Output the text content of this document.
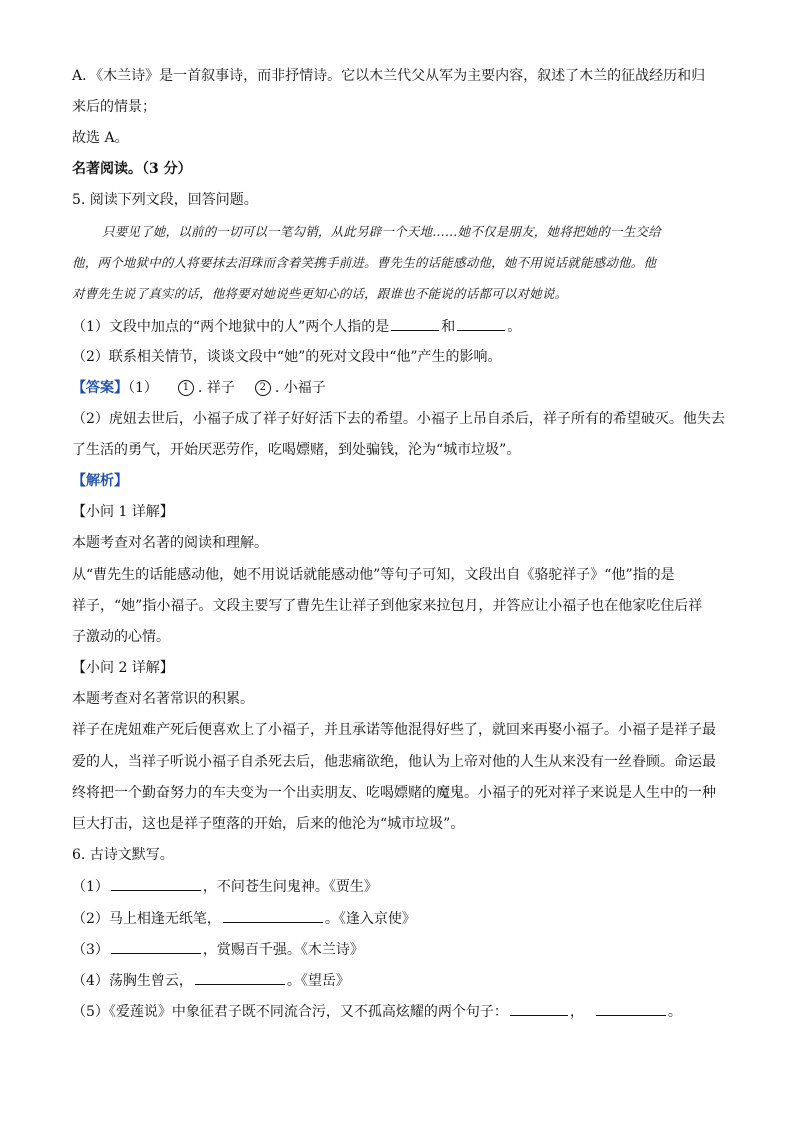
A．《木兰诗》是一首叙事诗，而非抒情诗。它以木兰代父从军为主要内容，叙述了木兰的征战经历和归
来后的情景；
故选 A。
名著阅读。（3 分）
5. 阅读下列文段，回答问题。
只要见了她，以前的一切可以一笔勾销，从此另辟一个天地……她不仅是朋友，她将把她的一生交给
他，两个地狱中的人将要抹去泪珠而含着笑携手前进。曹先生的话能感动他，她不用说话就能感动他。他
对曹先生说了真实的话，他将要对她说些更知心的话，跟谁也不能说的话都可以对她说。
（1）文段中加点的“两个地狱中的人”两个人指的是	和	。
（2）联系相关情节，谈谈文段中“她”的死对文段中“他”产生的影响。
【答案】（1） 1 . 祥子 2 . 小福子
（2）虎妞去世后，小福子成了祥子好好活下去的希望。小福子上吊自杀后，祥子所有的希望破灭。他失去
了生活的勇气，开始厌恶劳作，吃喝嫖赌，到处骗钱，沦为“城市垃圾”。
【解析】
【小问 1 详解】
本题考查对名著的阅读和理解。
从“曹先生的话能感动他，她不用说话就能感动他”等句子可知，文段出自《骆驼祥子》“他”指的是
祥子，“她”指小福子。文段主要写了曹先生让祥子到他家来拉包月，并答应让小福子也在他家吃住后祥
子激动的心情。
【小问 2 详解】
本题考查对名著常识的积累。
祥子在虎妞难产死后便喜欢上了小福子，并且承诺等他混得好些了，就回来再娶小福子。小福子是祥子最
爱的人，当祥子听说小福子自杀死去后，他悲痛欲绝，他认为上帝对他的人生从来没有一丝眷顾。命运最
终将把一个勤奋努力的车夫变为一个出卖朋友、吃喝嫖赌的魔鬼。小福子的死对祥子来说是人生中的一种
巨大打击，这也是祥子堕落的开始，后来的他沦为“城市垃圾”。
6. 古诗文默写。
（1）	，不问苍生问鬼神。《贾生》
（2）马上相逢无纸笔，	。《逢入京使》
（3）	，赏赐百千强。《木兰诗》
（4）荡胸生曾云，	。《望岳》
（5）《爱莲说》中象征君子既不同流合污，又不孤高炫耀的两个句子：	，	。
